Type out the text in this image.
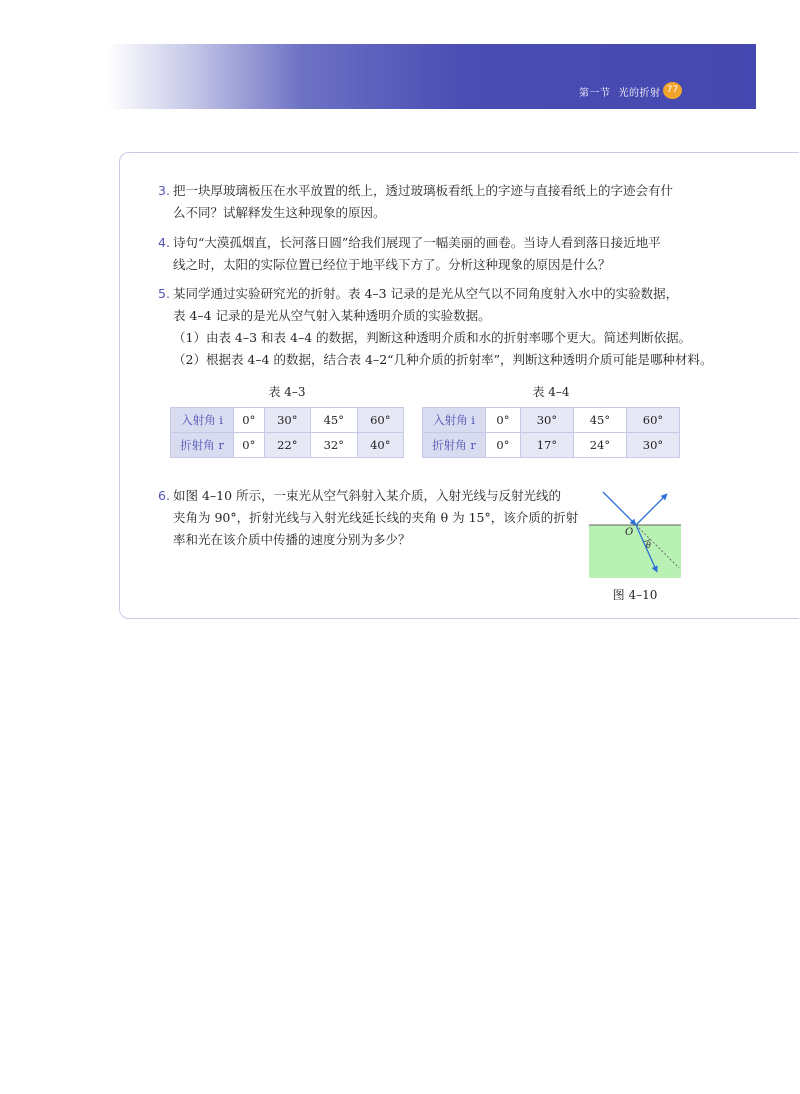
第一节 光的折射 77
3. 把一块厚玻璃板压在水平放置的纸上，透过玻璃板看纸上的字迹与直接看纸上的字迹会有什
么不同？试解释发生这种现象的原因。
4. 诗句“大漠孤烟直，长河落日圆”给我们展现了一幅美丽的画卷。当诗人看到落日接近地平
线之时，太阳的实际位置已经位于地平线下方了。分析这种现象的原因是什么？
5. 某同学通过实验研究光的折射。表 4–3 记录的是光从空气以不同角度射入水中的实验数据，
表 4–4 记录的是光从空气射入某种透明介质的实验数据。
（1）由表 4–3 和表 4–4 的数据，判断这种透明介质和水的折射率哪个更大。简述判断依据。
（2）根据表 4–4 的数据，结合表 4–2“几种介质的折射率”，判断这种透明介质可能是哪种材料。
表 4–3
入射角 i	0°	30°	45°	60°
折射角 r	0°	22°	32°	40°
表 4–4
入射角 i	0°	30°	45°	60°
折射角 r	0°	17°	24°	30°
6. 如图 4–10 所示，一束光从空气斜射入某介质，入射光线与反射光线的
夹角为 90°，折射光线与入射光线延长线的夹角 θ 为 15°，该介质的折射
率和光在该介质中传播的速度分别为多少？	O
θ
图 4–10
